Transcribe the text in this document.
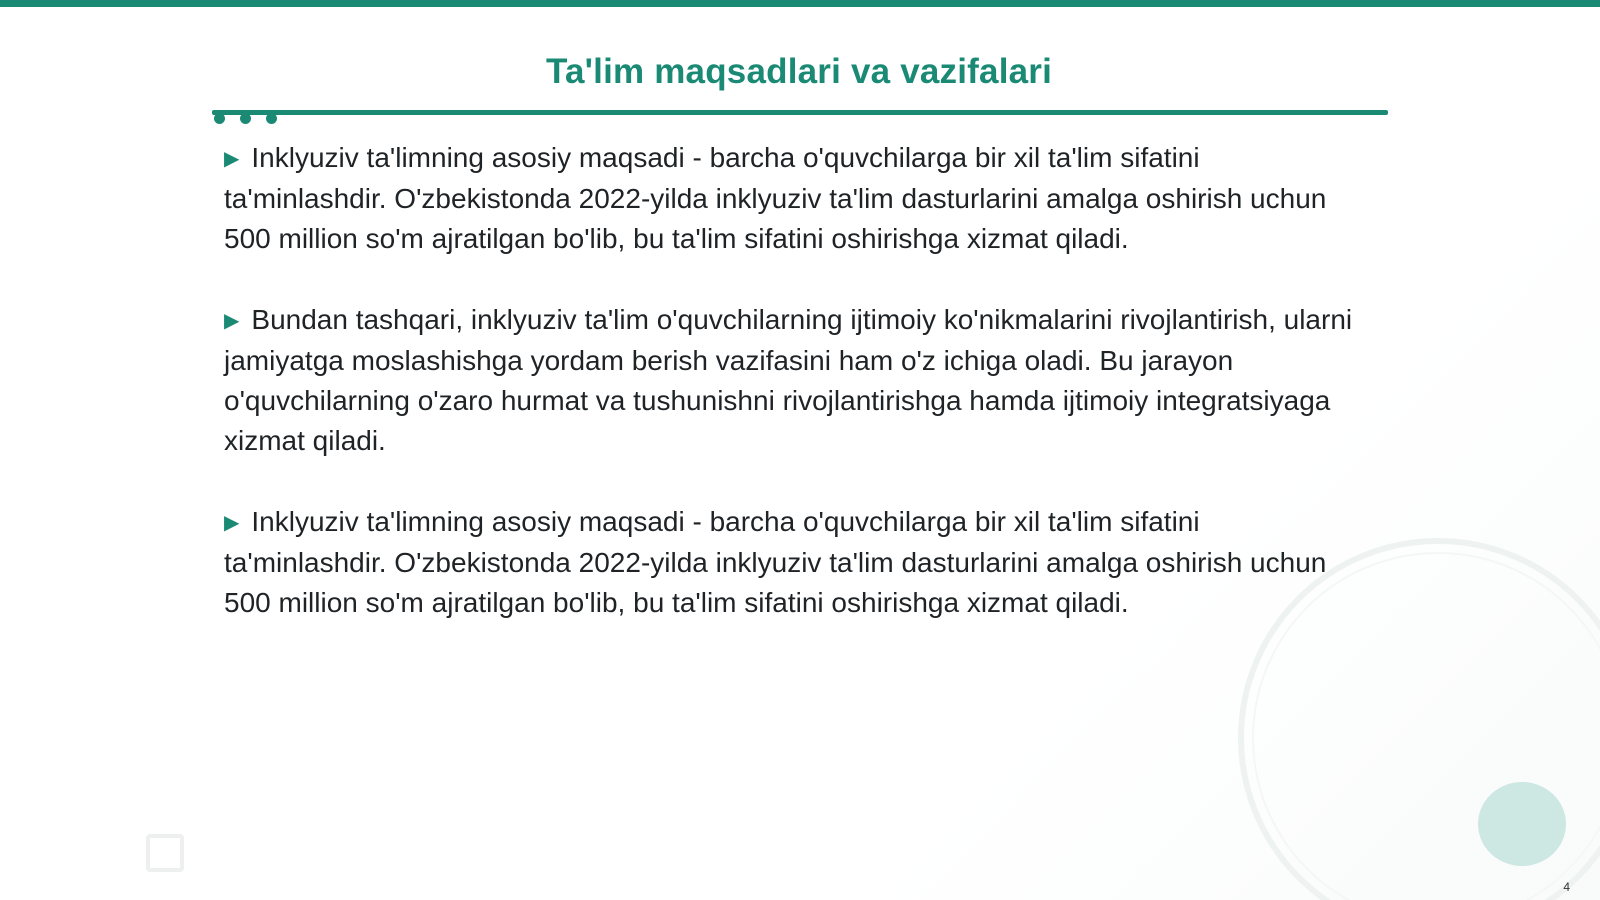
Ta'lim maqsadlari va vazifalari
▶ Inklyuziv ta'limning asosiy maqsadi - barcha o'quvchilarga bir xil ta'lim sifatini ta'minlashdir. O'zbekistonda 2022-yilda inklyuziv ta'lim dasturlarini amalga oshirish uchun 500 million so'm ajratilgan bo'lib, bu ta'lim sifatini oshirishga xizmat qiladi.
▶ Bundan tashqari, inklyuziv ta'lim o'quvchilarning ijtimoiy ko'nikmalarini rivojlantirish, ularni jamiyatga moslashishga yordam berish vazifasini ham o'z ichiga oladi. Bu jarayon o'quvchilarning o'zaro hurmat va tushunishni rivojlantirishga hamda ijtimoiy integratsiyaga xizmat qiladi.
▶ Inklyuziv ta'limning asosiy maqsadi - barcha o'quvchilarga bir xil ta'lim sifatini ta'minlashdir. O'zbekistonda 2022-yilda inklyuziv ta'lim dasturlarini amalga oshirish uchun 500 million so'm ajratilgan bo'lib, bu ta'lim sifatini oshirishga xizmat qiladi.
4
